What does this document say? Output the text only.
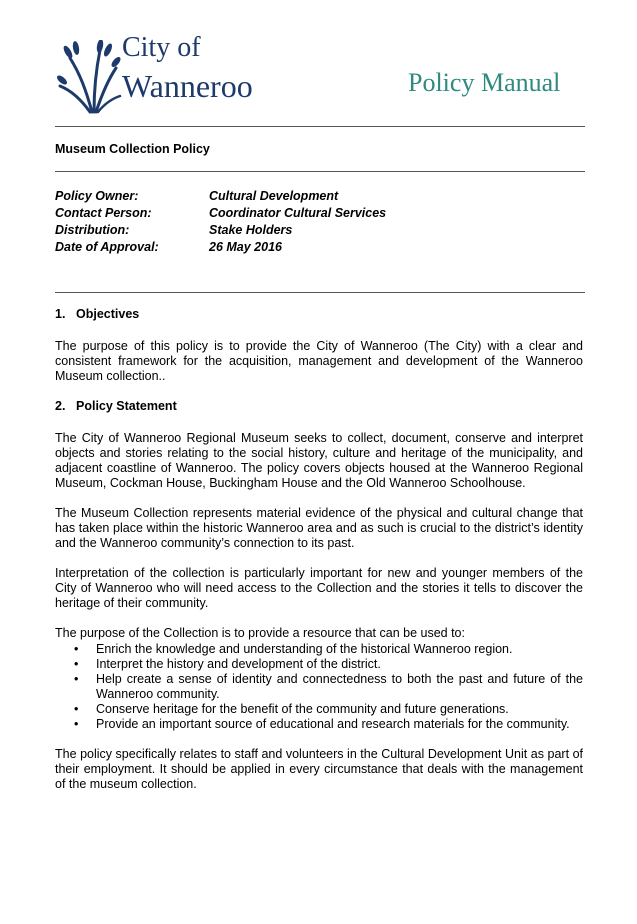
City of
Wanneroo	Policy Manual
Museum Collection Policy
Policy Owner:	Cultural Development
Contact Person:	Coordinator Cultural Services
Distribution:	Stake Holders
Date of Approval:	26 May 2016
1. Objectives

The purpose of this policy is to provide the City of Wanneroo (The City) with a clear and consistent framework for the acquisition, management and development of the Wanneroo Museum collection..

2. Policy Statement

The City of Wanneroo Regional Museum seeks to collect, document, conserve and interpret objects and stories relating to the social history, culture and heritage of the municipality, and adjacent coastline of Wanneroo. The policy covers objects housed at the Wanneroo Regional Museum, Cockman House, Buckingham House and the Old Wanneroo Schoolhouse.

The Museum Collection represents material evidence of the physical and cultural change that has taken place within the historic Wanneroo area and as such is crucial to the district’s identity and the Wanneroo community’s connection to its past.

Interpretation of the collection is particularly important for new and younger members of the City of Wanneroo who will need access to the Collection and the stories it tells to discover the heritage of their community.

The purpose of the Collection is to provide a resource that can be used to:

• Enrich the knowledge and understanding of the historical Wanneroo region.
• Interpret the history and development of the district.
• Help create a sense of identity and connectedness to both the past and future of the Wanneroo community.
• Conserve heritage for the benefit of the community and future generations.
• Provide an important source of educational and research materials for the community.

The policy specifically relates to staff and volunteers in the Cultural Development Unit as part of their employment. It should be applied in every circumstance that deals with the management of the museum collection.
